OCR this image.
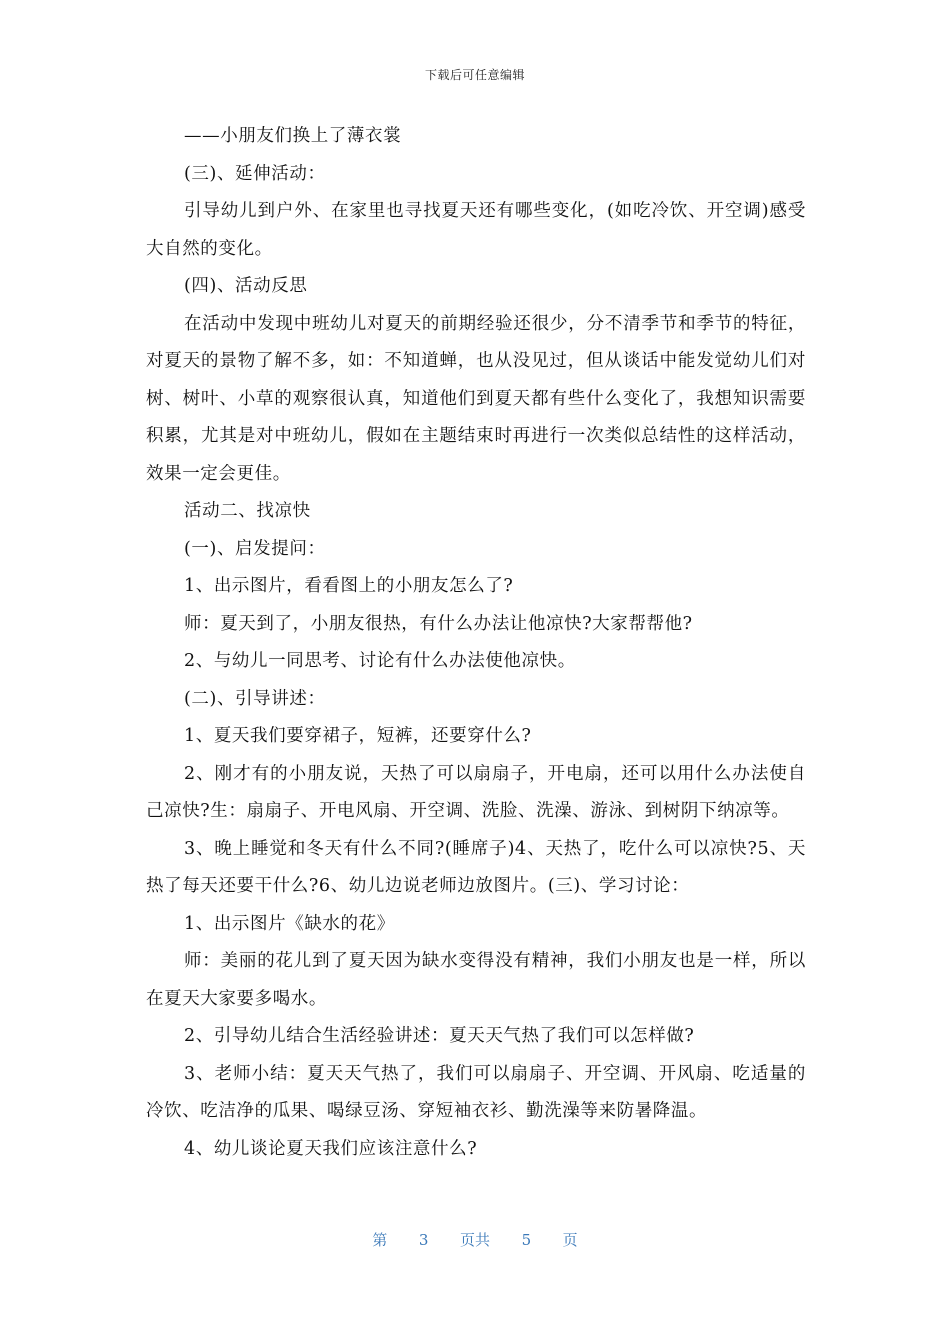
下载后可任意编辑

——小朋友们换上了薄衣裳

(三)、延伸活动：

引导幼儿到户外、在家里也寻找夏天还有哪些变化，(如吃冷饮、开空调)感受大自然的变化。

(四)、活动反思

在活动中发现中班幼儿对夏天的前期经验还很少，分不清季节和季节的特征，对夏天的景物了解不多，如：不知道蝉，也从没见过，但从谈话中能发觉幼儿们对树、树叶、小草的观察很认真，知道他们到夏天都有些什么变化了，我想知识需要积累，尤其是对中班幼儿，假如在主题结束时再进行一次类似总结性的这样活动，效果一定会更佳。

活动二、找凉快

(一)、启发提问：

1、出示图片，看看图上的小朋友怎么了?

师：夏天到了，小朋友很热，有什么办法让他凉快?大家帮帮他?

2、与幼儿一同思考、讨论有什么办法使他凉快。

(二)、引导讲述：

1、夏天我们要穿裙子，短裤，还要穿什么?

2、刚才有的小朋友说，天热了可以扇扇子，开电扇，还可以用什么办法使自己凉快?生：扇扇子、开电风扇、开空调、洗脸、洗澡、游泳、到树阴下纳凉等。

3、晚上睡觉和冬天有什么不同?(睡席子)4、天热了，吃什么可以凉快?5、天热了每天还要干什么?6、幼儿边说老师边放图片。(三)、学习讨论：

1、出示图片《缺水的花》

师：美丽的花儿到了夏天因为缺水变得没有精神，我们小朋友也是一样，所以在夏天大家要多喝水。

2、引导幼儿结合生活经验讲述：夏天天气热了我们可以怎样做?

3、老师小结：夏天天气热了，我们可以扇扇子、开空调、开风扇、吃适量的冷饮、吃洁净的瓜果、喝绿豆汤、穿短袖衣衫、勤洗澡等来防暑降温。

4、幼儿谈论夏天我们应该注意什么?

第 3 页共 5 页
